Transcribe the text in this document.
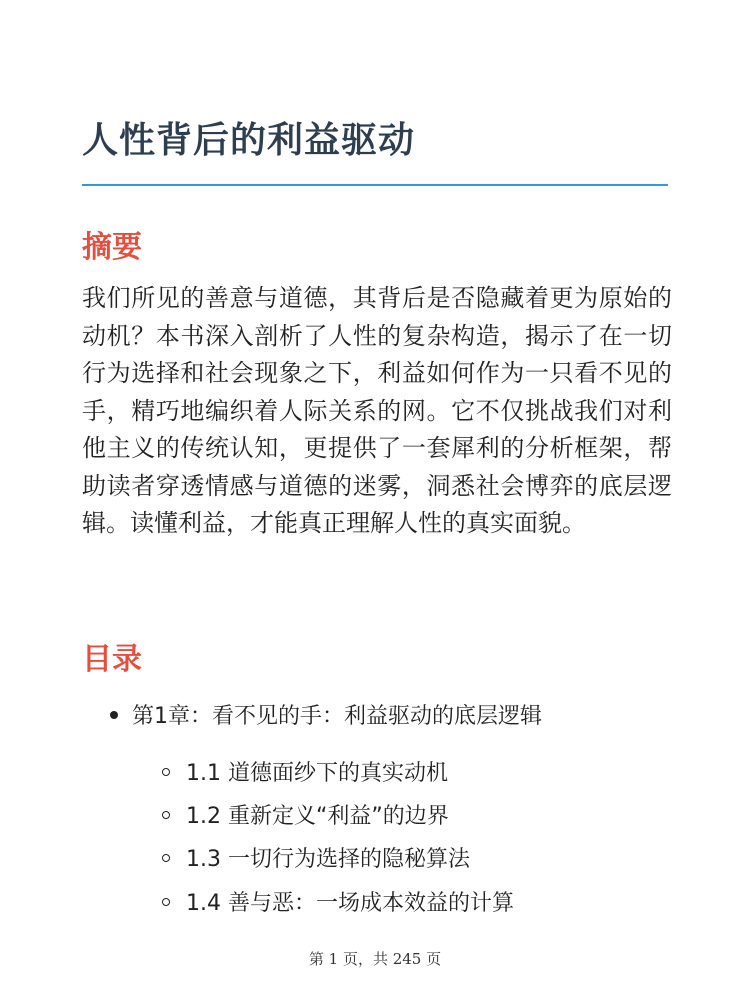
人性背后的利益驱动
摘要

我们所见的善意与道德，其背后是否隐藏着更为原始的动机？本书深入剖析了人性的复杂构造，揭示了在一切行为选择和社会现象之下，利益如何作为一只看不见的手，精巧地编织着人际关系的网。它不仅挑战我们对利他主义的传统认知，更提供了一套犀利的分析框架，帮助读者穿透情感与道德的迷雾，洞悉社会博弈的底层逻辑。读懂利益，才能真正理解人性的真实面貌。

目录
第1章：看不见的手：利益驱动的底层逻辑
1.1 道德面纱下的真实动机
1.2 重新定义“利益”的边界
1.3 一切行为选择的隐秘算法
1.4 善与恶：一场成本效益的计算
第 1 页，共 245 页
